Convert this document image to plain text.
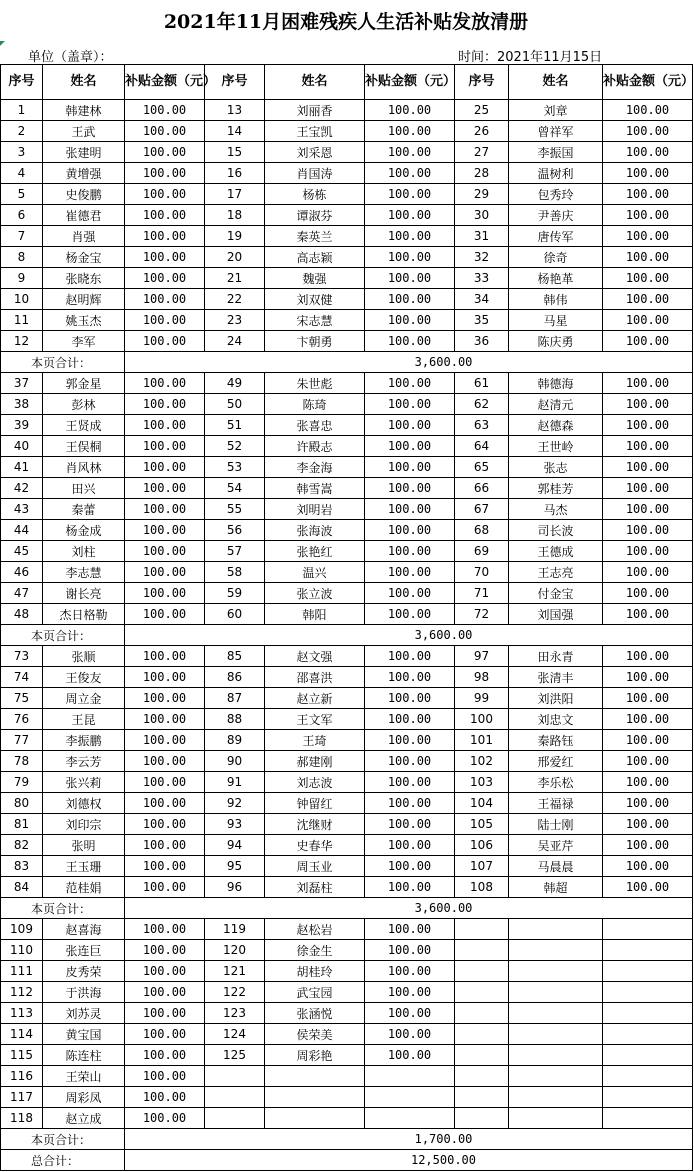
2021年11月困难残疾人生活补贴发放清册
单位（盖章）：	时间：2021年11月15日
序号	姓名	补贴金额（元）	序号	姓名	补贴金额（元）	序号	姓名	补贴金额（元）
1	韩建林	100.00	13	刘丽香	100.00	25	刘章	100.00
2	王武	100.00	14	王宝凯	100.00	26	曾祥军	100.00
3	张建明	100.00	15	刘采恩	100.00	27	李振国	100.00
4	黄增强	100.00	16	肖国涛	100.00	28	温树利	100.00
5	史俊鹏	100.00	17	杨栋	100.00	29	包秀玲	100.00
6	崔德君	100.00	18	谭淑芬	100.00	30	尹善庆	100.00
7	肖强	100.00	19	秦英兰	100.00	31	唐传军	100.00
8	杨金宝	100.00	20	高志颖	100.00	32	徐奇	100.00
9	张晓东	100.00	21	魏强	100.00	33	杨艳革	100.00
10	赵明辉	100.00	22	刘双健	100.00	34	韩伟	100.00
11	姚玉杰	100.00	23	宋志慧	100.00	35	马星	100.00
12	李军	100.00	24	卞朝勇	100.00	36	陈庆勇	100.00
本页合计：		3,600.00						
37	郭金星	100.00	49	朱世彪	100.00	61	韩德海	100.00
38	彭林	100.00	50	陈琦	100.00	62	赵清元	100.00
39	王贤成	100.00	51	张喜忠	100.00	63	赵德森	100.00
40	王俣桐	100.00	52	许殿志	100.00	64	王世岭	100.00
41	肖风林	100.00	53	李金海	100.00	65	张志	100.00
42	田兴	100.00	54	韩雪嵩	100.00	66	郭桂芳	100.00
43	秦蕾	100.00	55	刘明岩	100.00	67	马杰	100.00
44	杨金成	100.00	56	张海波	100.00	68	司长波	100.00
45	刘柱	100.00	57	张艳红	100.00	69	王德成	100.00
46	李志慧	100.00	58	温兴	100.00	70	王志亮	100.00
47	谢长亮	100.00	59	张立波	100.00	71	付金宝	100.00
48	杰日格勒	100.00	60	韩阳	100.00	72	刘国强	100.00
本页合计：		3,600.00						
73	张顺	100.00	85	赵文强	100.00	97	田永青	100.00
74	王俊友	100.00	86	邵喜洪	100.00	98	张清丰	100.00
75	周立金	100.00	87	赵立新	100.00	99	刘洪阳	100.00
76	王昆	100.00	88	王文军	100.00	100	刘忠文	100.00
77	李振鹏	100.00	89	王琦	100.00	101	秦路钰	100.00
78	李云芳	100.00	90	郝建刚	100.00	102	邢爱红	100.00
79	张兴莉	100.00	91	刘志波	100.00	103	李乐松	100.00
80	刘德权	100.00	92	钟留红	100.00	104	王福禄	100.00
81	刘印宗	100.00	93	沈继财	100.00	105	陆士刚	100.00
82	张明	100.00	94	史春华	100.00	106	吴亚芹	100.00
83	王玉珊	100.00	95	周玉业	100.00	107	马晨晨	100.00
84	范桂娟	100.00	96	刘磊柱	100.00	108	韩超	100.00
本页合计：		3,600.00						
109	赵喜海	100.00	119	赵松岩	100.00			
110	张连巨	100.00	120	徐金生	100.00			
111	皮秀荣	100.00	121	胡桂玲	100.00			
112	于洪海	100.00	122	武宝园	100.00			
113	刘苏灵	100.00	123	张涵悦	100.00			
114	黄宝国	100.00	124	侯荣美	100.00			
115	陈连柱	100.00	125	周彩艳	100.00			
116	王荣山	100.00						
117	周彩凤	100.00						
118	赵立成	100.00						
本页合计：		1,700.00						
总合计：		12,500.00						
